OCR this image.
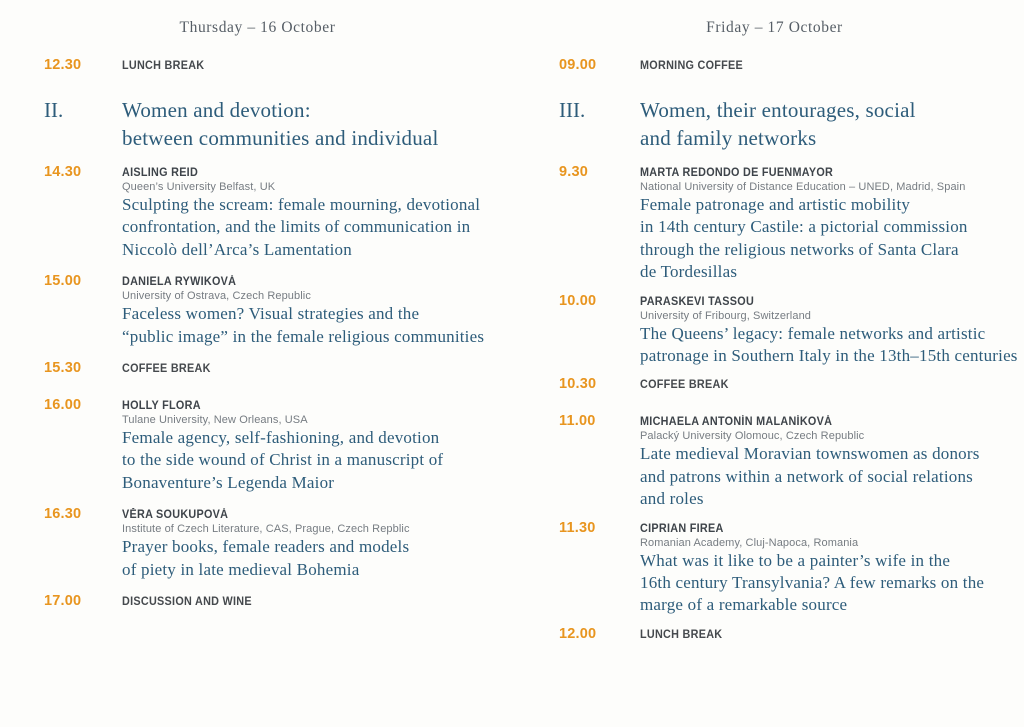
Thursday – 16 October
12.30	LUNCH BREAK
II.	Women and devotion:
between communities and individual
14.30	AISLING REID
Queen’s University Belfast, UK
Sculpting the scream: female mourning, devotional
confrontation, and the limits of communication in
Niccolò dell’Arca’s Lamentation
15.00	DANIELA RYWIKOVÁ
University of Ostrava, Czech Republic
Faceless women? Visual strategies and the
“public image” in the female religious communities
15.30	COFFEE BREAK
16.00	HOLLY FLORA
Tulane University, New Orleans, USA
Female agency, self-fashioning, and devotion
to the side wound of Christ in a manuscript of
Bonaventure’s Legenda Maior
16.30	VĚRA SOUKUPOVÁ
Institute of Czech Literature, CAS, Prague, Czech Repblic
Prayer books, female readers and models
of piety in late medieval Bohemia
17.00	DISCUSSION AND WINE
Friday – 17 October
09.00	MORNING COFFEE
III.	Women, their entourages, social
and family networks
9.30	MARTA REDONDO DE FUENMAYOR
National University of Distance Education – UNED, Madrid, Spain
Female patronage and artistic mobility
in 14th century Castile: a pictorial commission
through the religious networks of Santa Clara
de Tordesillas
10.00	PARASKEVI TASSOU
University of Fribourg, Switzerland
The Queens’ legacy: female networks and artistic
patronage in Southern Italy in the 13th–15th centuries
10.30	COFFEE BREAK
11.00	MICHAELA ANTONÍN MALANÍKOVÁ
Palacký University Olomouc, Czech Republic
Late medieval Moravian townswomen as donors
and patrons within a network of social relations
and roles
11.30	CIPRIAN FIREA
Romanian Academy, Cluj-Napoca, Romania
What was it like to be a painter’s wife in the
16th century Transylvania? A few remarks on the
marge of a remarkable source
12.00	LUNCH BREAK
